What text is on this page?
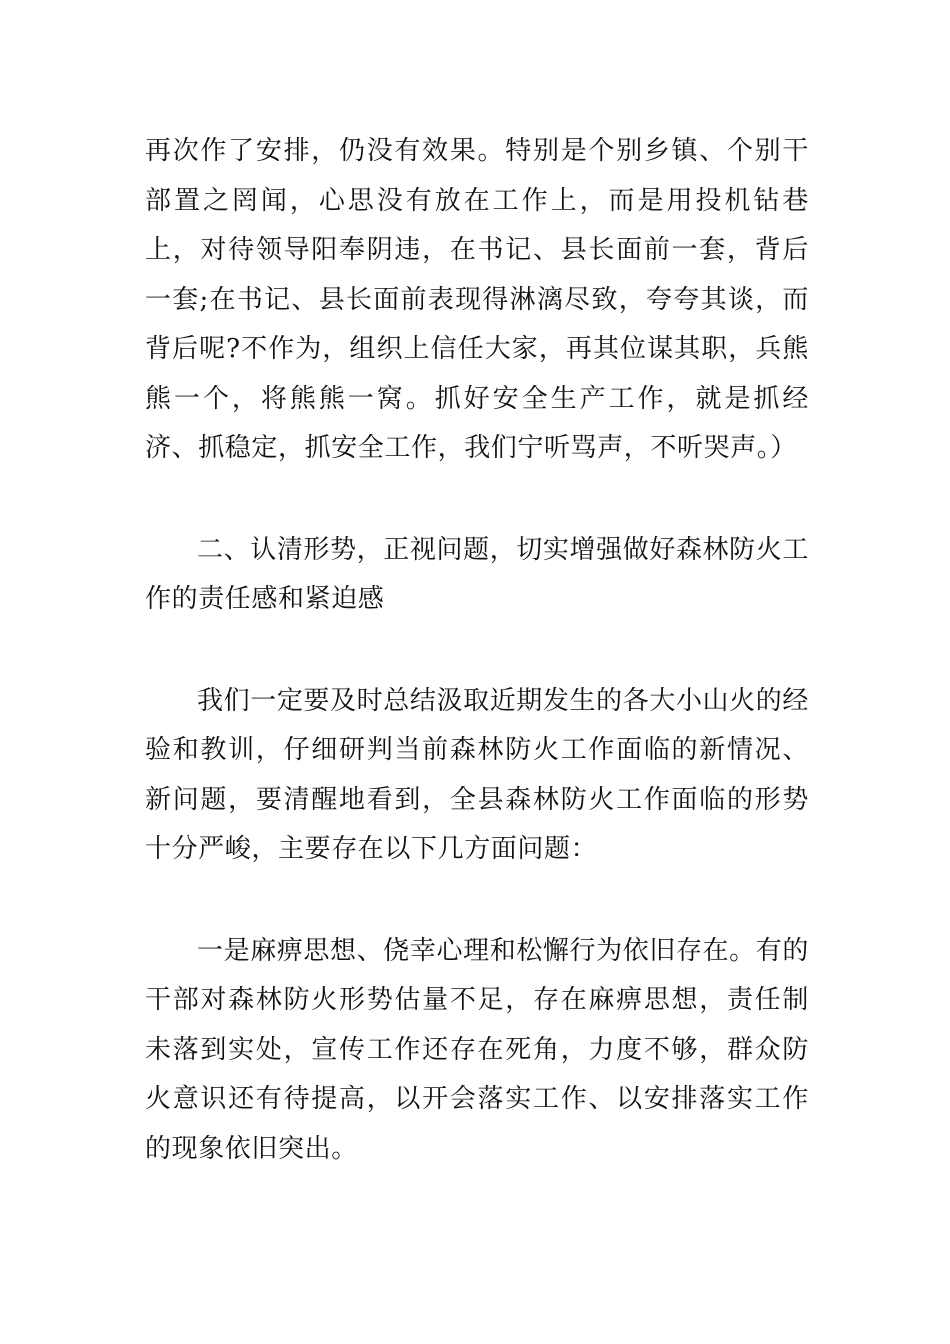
再次作了安排，仍没有效果。特别是个别乡镇、个别干部置之罔闻，心思没有放在工作上，而是用投机钻巷上，对待领导阳奉阴违，在书记、县长面前一套，背后一套;在书记、县长面前表现得淋漓尽致，夸夸其谈，而背后呢?不作为，组织上信任大家，再其位谋其职，兵熊熊一个，将熊熊一窝。抓好安全生产工作，就是抓经济、抓稳定，抓安全工作，我们宁听骂声，不听哭声。）

二、认清形势，正视问题，切实增强做好森林防火工作的责任感和紧迫感

我们一定要及时总结汲取近期发生的各大小山火的经验和教训，仔细研判当前森林防火工作面临的新情况、新问题，要清醒地看到，全县森林防火工作面临的形势十分严峻，主要存在以下几方面问题：

一是麻痹思想、侥幸心理和松懈行为依旧存在。有的干部对森林防火形势估量不足，存在麻痹思想，责任制未落到实处，宣传工作还存在死角，力度不够，群众防火意识还有待提高，以开会落实工作、以安排落实工作的现象依旧突出。
